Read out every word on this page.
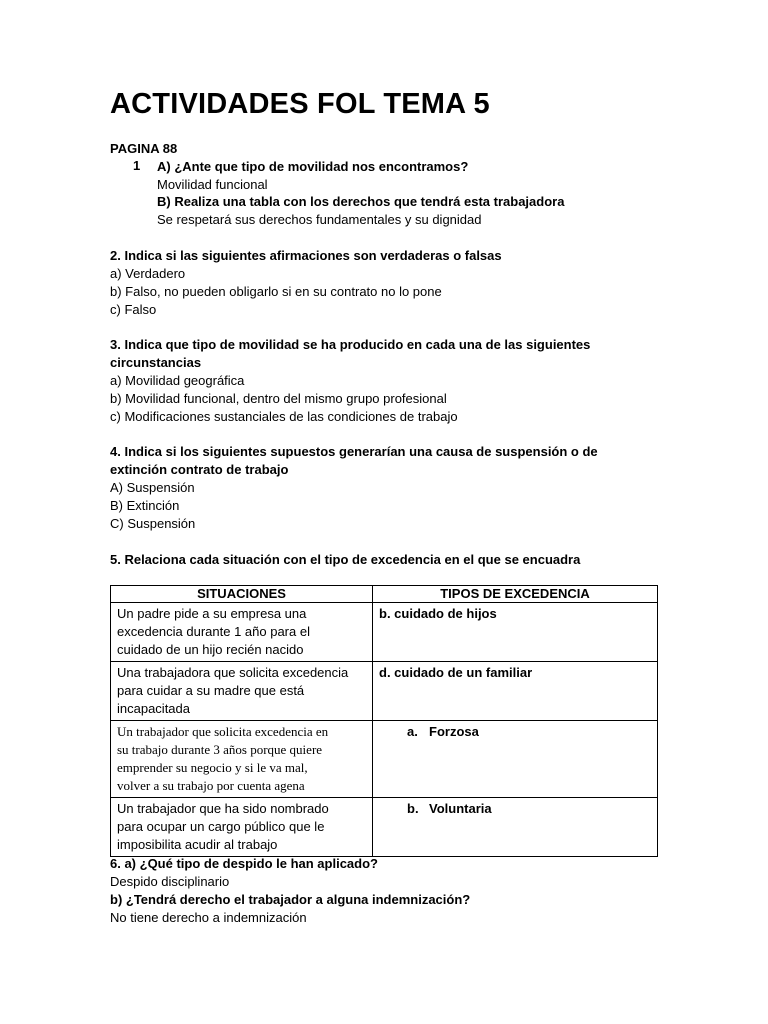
ACTIVIDADES FOL TEMA 5
PAGINA 88
1 A) ¿Ante que tipo de movilidad nos encontramos?
Movilidad funcional
B) Realiza una tabla con los derechos que tendrá esta trabajadora
Se respetará sus derechos fundamentales y su dignidad
2. Indica si las siguientes afirmaciones son verdaderas o falsas
a) Verdadero
b) Falso, no pueden obligarlo si en su contrato no lo pone
c) Falso
3. Indica que tipo de movilidad se ha producido en cada una de las siguientes
circunstancias
a) Movilidad geográfica
b) Movilidad funcional, dentro del mismo grupo profesional
c) Modificaciones sustanciales de las condiciones de trabajo
4. Indica si los siguientes supuestos generarían una causa de suspensión o de
extinción contrato de trabajo
A) Suspensión
B) Extinción
C) Suspensión
5. Relaciona cada situación con el tipo de excedencia en el que se encuadra
SITUACIONES	TIPOS DE EXCEDENCIA

Un padre pide a su empresa una
excedencia durante 1 año para el
cuidado de un hijo recién nacido	b. cuidado de hijos

Una trabajadora que solicita excedencia
para cuidar a su madre que está
incapacitada	d. cuidado de un familiar

Un trabajador que solicita excedencia en
su trabajo durante 3 años porque quiere
emprender su negocio y si le va mal,
volver a su trabajo por cuenta agena	a. Forzosa

Un trabajador que ha sido nombrado
para ocupar un cargo público que le
imposibilita acudir al trabajo	b. Voluntaria
6. a) ¿Qué tipo de despido le han aplicado?
Despido disciplinario
b) ¿Tendrá derecho el trabajador a alguna indemnización?
No tiene derecho a indemnización
